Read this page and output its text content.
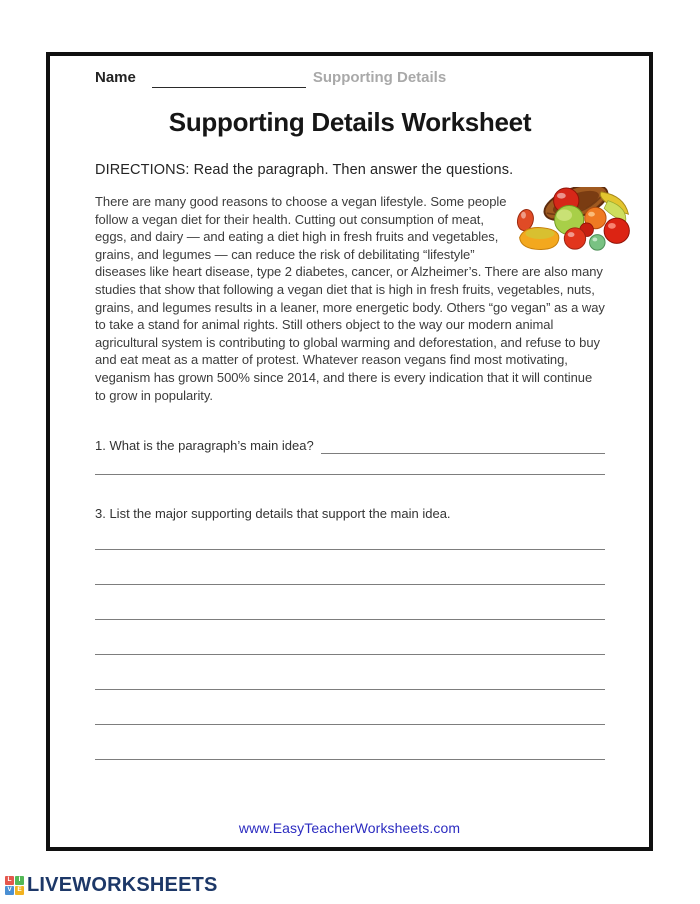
Name	Supporting Details
Supporting Details Worksheet
DIRECTIONS: Read the paragraph. Then answer the questions.

There are many good reasons to choose a vegan lifestyle. Some people follow a vegan diet for their health. Cutting out consumption of meat, eggs, and dairy — and eating a diet high in fresh fruits and vegetables, grains, and legumes — can reduce the risk of debilitating “lifestyle” diseases like heart disease, type 2 diabetes, cancer, or Alzheimer’s. There are also many studies that show that following a vegan diet that is high in fresh fruits, vegetables, nuts, grains, and legumes results in a leaner, more energetic body. Others “go vegan” as a way to take a stand for animal rights. Still others object to the way our modern animal agricultural system is contributing to global warming and deforestation, and refuse to buy and eat meat as a matter of protest. Whatever reason vegans find most motivating, veganism has grown 500% since 2014, and there is every indication that it will continue to grow in popularity.

1. What is the paragraph’s main idea?
3. List the major supporting details that support the main idea.
www.EasyTeacherWorksheets.com
L	I
V E LIVEWORKSHEETS
